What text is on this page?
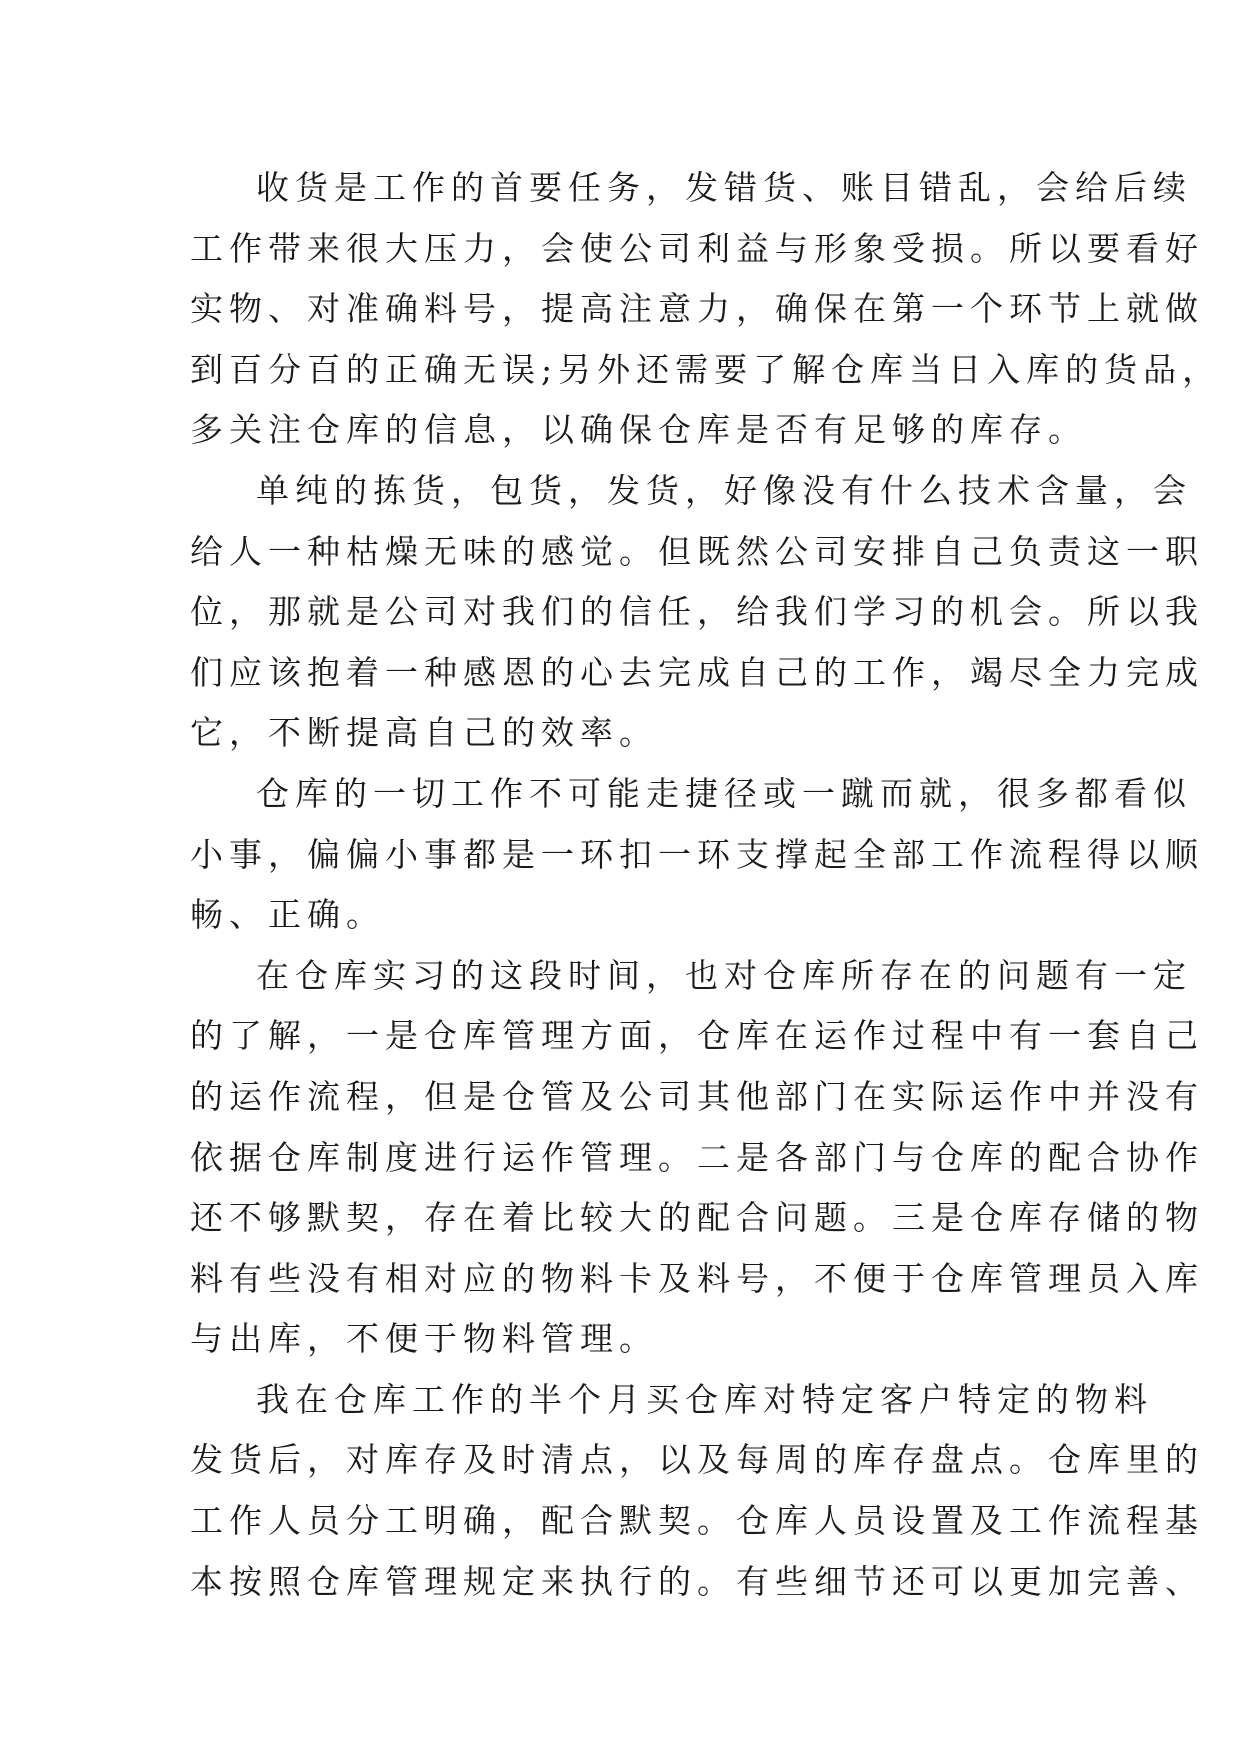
收货是工作的首要任务，发错货、账目错乱，会给后续
工作带来很大压力，会使公司利益与形象受损。所以要看好
实物、对准确料号，提高注意力，确保在第一个环节上就做
到百分百的正确无误;另外还需要了解仓库当日入库的货品，
多关注仓库的信息，以确保仓库是否有足够的库存。
单纯的拣货，包货，发货，好像没有什么技术含量，会
给人一种枯燥无味的感觉。但既然公司安排自己负责这一职
位，那就是公司对我们的信任，给我们学习的机会。所以我
们应该抱着一种感恩的心去完成自己的工作，竭尽全力完成
它，不断提高自己的效率。
仓库的一切工作不可能走捷径或一蹴而就，很多都看似
小事，偏偏小事都是一环扣一环支撑起全部工作流程得以顺
畅、正确。
在仓库实习的这段时间，也对仓库所存在的问题有一定
的了解，一是仓库管理方面，仓库在运作过程中有一套自己
的运作流程，但是仓管及公司其他部门在实际运作中并没有
依据仓库制度进行运作管理。二是各部门与仓库的配合协作
还不够默契，存在着比较大的配合问题。三是仓库存储的物
料有些没有相对应的物料卡及料号，不便于仓库管理员入库
与出库，不便于物料管理。
我在仓库工作的半个月买仓库对特定客户特定的物料
发货后，对库存及时清点，以及每周的库存盘点。仓库里的
工作人员分工明确，配合默契。仓库人员设置及工作流程基
本按照仓库管理规定来执行的。有些细节还可以更加完善、
